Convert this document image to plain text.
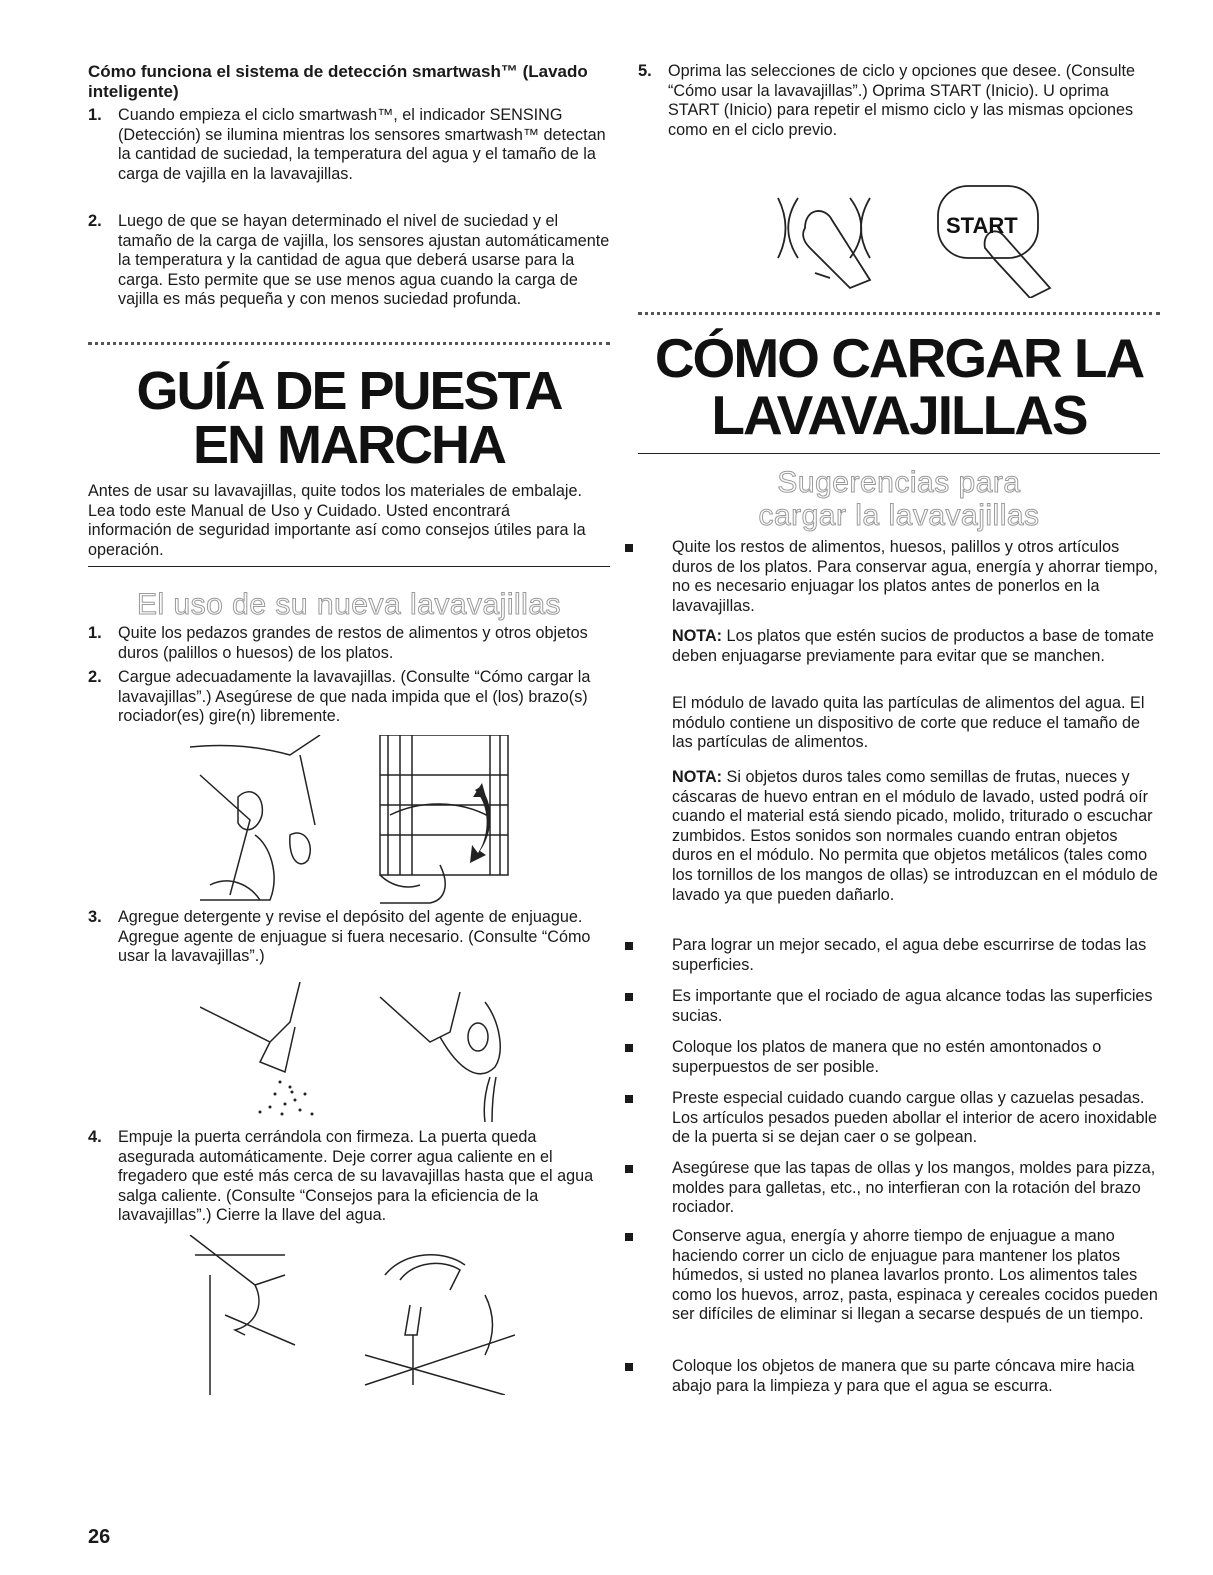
Cómo funciona el sistema de detección smartwash™ (Lavado inteligente)
1.	Cuando empieza el ciclo smartwash™, el indicador SENSING (Detección) se ilumina mientras los sensores smartwash™ detectan la cantidad de suciedad, la temperatura del agua y el tamaño de la carga de vajilla en la lavavajillas.
2.	Luego de que se hayan determinado el nivel de suciedad y el tamaño de la carga de vajilla, los sensores ajustan automáticamente la temperatura y la cantidad de agua que deberá usarse para la carga. Esto permite que se use menos agua cuando la carga de vajilla es más pequeña y con menos suciedad profunda.
GUÍA DE PUESTA
EN MARCHA
Antes de usar su lavavajillas, quite todos los materiales de embalaje. Lea todo este Manual de Uso y Cuidado. Usted encontrará información de seguridad importante así como consejos útiles para la operación.
El uso de su nueva lavavajillas
1.	Quite los pedazos grandes de restos de alimentos y otros objetos duros (palillos o huesos) de los platos.
2.	Cargue adecuadamente la lavavajillas. (Consulte “Cómo cargar la lavavajillas”.) Asegúrese de que nada impida que el (los) brazo(s) rociador(es) gire(n) libremente.
3.	Agregue detergente y revise el depósito del agente de enjuague. Agregue agente de enjuague si fuera necesario. (Consulte “Cómo usar la lavavajillas”.)
4.	Empuje la puerta cerrándola con firmeza. La puerta queda asegurada automáticamente. Deje correr agua caliente en el fregadero que esté más cerca de su lavavajillas hasta que el agua salga caliente. (Consulte “Consejos para la eficiencia de la lavavajillas”.) Cierre la llave del agua.
26
5.	Oprima las selecciones de ciclo y opciones que desee. (Consulte “Cómo usar la lavavajillas”.) Oprima START (Inicio). U oprima START (Inicio) para repetir el mismo ciclo y las mismas opciones como en el ciclo previo.
START
CÓMO CARGAR LA
LAVAVAJILLAS
Sugerencias para
cargar la lavavajillas
Quite los restos de alimentos, huesos, palillos y otros artículos duros de los platos. Para conservar agua, energía y ahorrar tiempo, no es necesario enjuagar los platos antes de ponerlos en la lavavajillas.
NOTA: Los platos que estén sucios de productos a base de tomate deben enjuagarse previamente para evitar que se manchen.
El módulo de lavado quita las partículas de alimentos del agua. El módulo contiene un dispositivo de corte que reduce el tamaño de las partículas de alimentos.
NOTA: Si objetos duros tales como semillas de frutas, nueces y cáscaras de huevo entran en el módulo de lavado, usted podrá oír cuando el material está siendo picado, molido, triturado o escuchar zumbidos. Estos sonidos son normales cuando entran objetos duros en el módulo. No permita que objetos metálicos (tales como los tornillos de los mangos de ollas) se introduzcan en el módulo de lavado ya que pueden dañarlo.
Para lograr un mejor secado, el agua debe escurrirse de todas las superficies.
Es importante que el rociado de agua alcance todas las superficies sucias.
Coloque los platos de manera que no estén amontonados o superpuestos de ser posible.
Preste especial cuidado cuando cargue ollas y cazuelas pesadas. Los artículos pesados pueden abollar el interior de acero inoxidable de la puerta si se dejan caer o se golpean.
Asegúrese que las tapas de ollas y los mangos, moldes para pizza, moldes para galletas, etc., no interfieran con la rotación del brazo rociador.
Conserve agua, energía y ahorre tiempo de enjuague a mano haciendo correr un ciclo de enjuague para mantener los platos húmedos, si usted no planea lavarlos pronto. Los alimentos tales como los huevos, arroz, pasta, espinaca y cereales cocidos pueden ser difíciles de eliminar si llegan a secarse después de un tiempo.
Coloque los objetos de manera que su parte cóncava mire hacia abajo para la limpieza y para que el agua se escurra.
